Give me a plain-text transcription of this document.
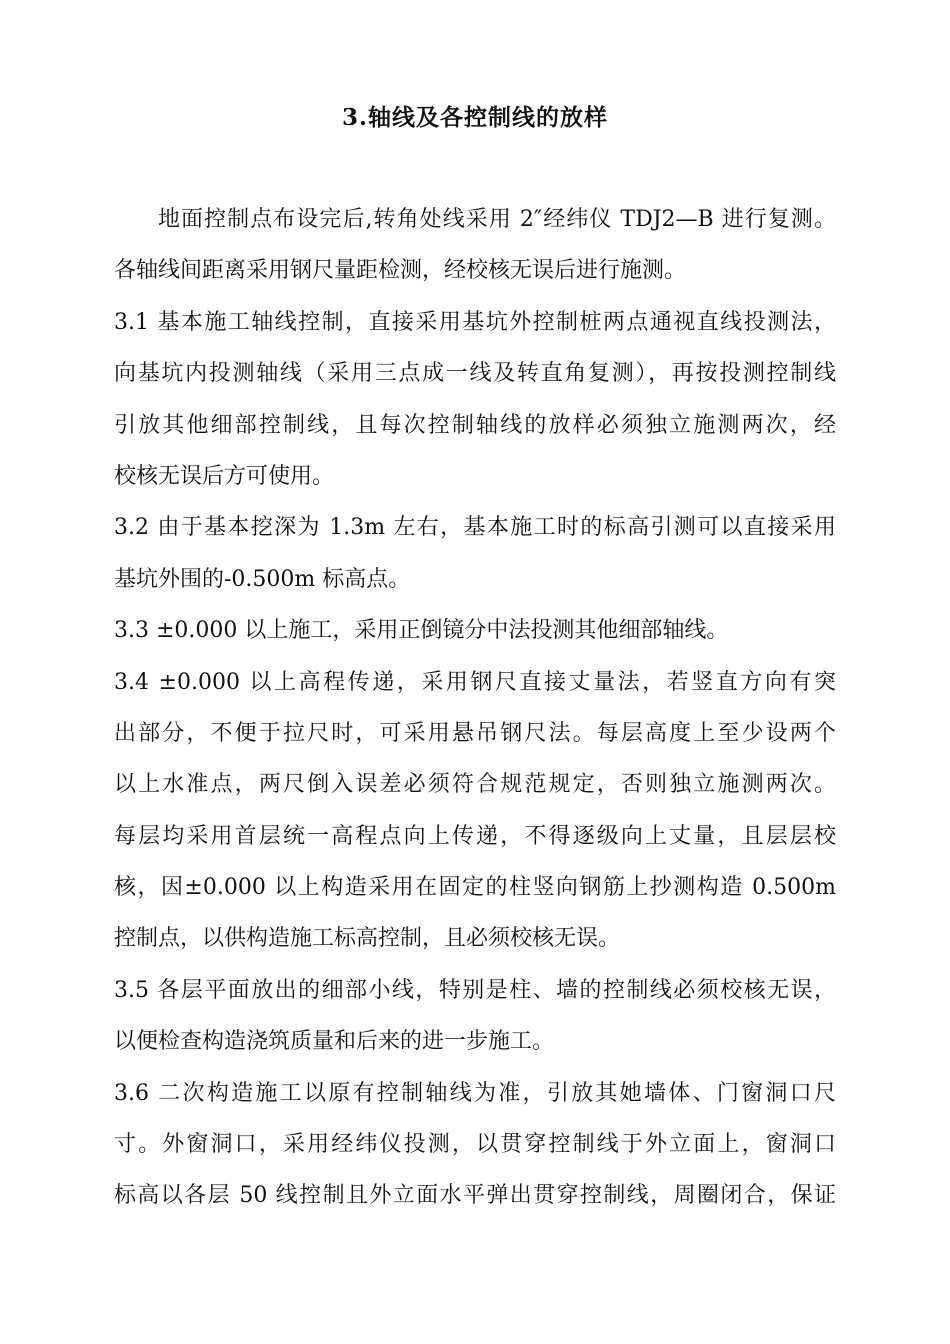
3.轴线及各控制线的放样
地面控制点布设完后,转角处线采用 2″经纬仪 TDJ2—B 进行复测。
各轴线间距离采用钢尺量距检测，经校核无误后进行施测。
3.1 基本施工轴线控制，直接采用基坑外控制桩两点通视直线投测法，
向基坑内投测轴线（采用三点成一线及转直角复测），再按投测控制线
引放其他细部控制线，且每次控制轴线的放样必须独立施测两次，经
校核无误后方可使用。
3.2 由于基本挖深为 1.3m 左右，基本施工时的标高引测可以直接采用
基坑外围的-0.500m 标高点。
3.3 ±0.000 以上施工，采用正倒镜分中法投测其他细部轴线。
3.4 ±0.000 以上高程传递，采用钢尺直接丈量法，若竖直方向有突
出部分，不便于拉尺时，可采用悬吊钢尺法。每层高度上至少设两个
以上水准点，两尺倒入误差必须符合规范规定，否则独立施测两次。
每层均采用首层统一高程点向上传递，不得逐级向上丈量，且层层校
核，因±0.000 以上构造采用在固定的柱竖向钢筋上抄测构造 0.500m
控制点，以供构造施工标高控制，且必须校核无误。
3.5 各层平面放出的细部小线，特别是柱、墙的控制线必须校核无误，
以便检查构造浇筑质量和后来的进一步施工。
3.6 二次构造施工以原有控制轴线为准，引放其她墙体、门窗洞口尺
寸。外窗洞口，采用经纬仪投测，以贯穿控制线于外立面上，窗洞口
标高以各层 50 线控制且外立面水平弹出贯穿控制线，周圈闭合，保证
